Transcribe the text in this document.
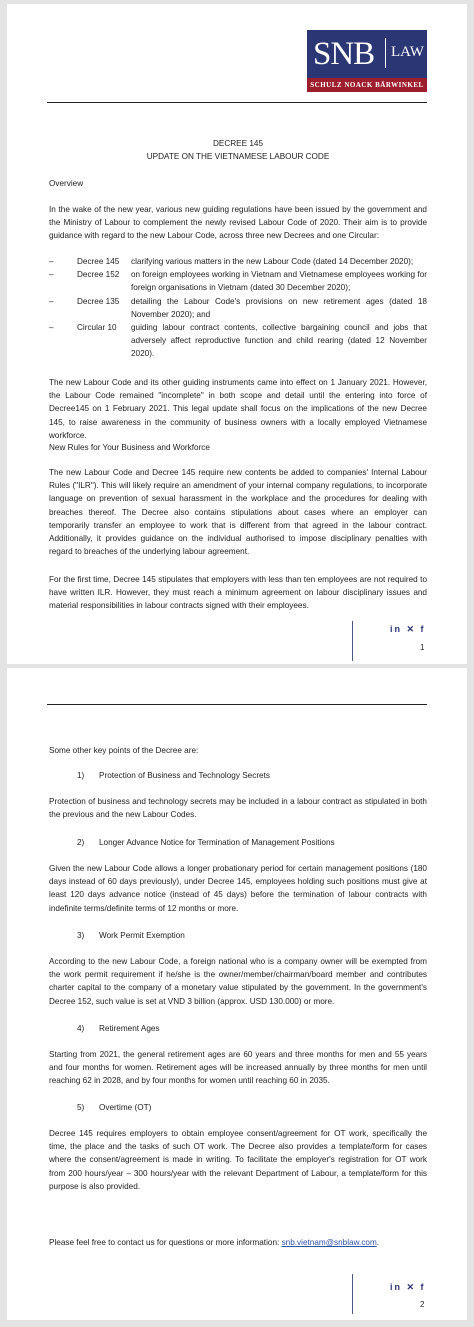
SNB LAW
SCHULZ NOACK BÄRWINKEL
DECREE 145
UPDATE ON THE VIETNAMESE LABOUR CODE
Overview
In the wake of the new year, various new guiding regulations have been issued by the government and the Ministry of Labour to complement the newly revised Labour Code of 2020. Their aim is to provide guidance with regard to the new Labour Code, across three new Decrees and one Circular:
–	Decree 145 clarifying various matters in the new Labour Code (dated 14 December 2020);
–	Decree 152 on foreign employees working in Vietnam and Vietnamese employees working for foreign organisations in Vietnam (dated 30 December 2020);
–	Decree 135 detailing the Labour Code's provisions on new retirement ages (dated 18 November 2020); and
–	Circular 10 guiding labour contract contents, collective bargaining council and jobs that adversely affect reproductive function and child rearing (dated 12 November 2020).
The new Labour Code and its other guiding instruments came into effect on 1 January 2021. However, the Labour Code remained "incomplete" in both scope and detail until the entering into force of Decree145 on 1 February 2021. This legal update shall focus on the implications of the new Decree 145, to raise awareness in the community of business owners with a locally employed Vietnamese workforce.
New Rules for Your Business and Workforce
The new Labour Code and Decree 145 require new contents be added to companies' Internal Labour Rules ("ILR"). This will likely require an amendment of your internal company regulations, to incorporate language on prevention of sexual harassment in the workplace and the procedures for dealing with breaches thereof. The Decree also contains stipulations about cases where an employer can temporarily transfer an employee to work that is different from that agreed in the labour contract. Additionally, it provides guidance on the individual authorised to impose disciplinary penalties with regard to breaches of the underlying labour agreement.
For the first time, Decree 145 stipulates that employers with less than ten employees are not required to have written ILR. However, they must reach a minimum agreement on labour disciplinary issues and material responsibilities in labour contracts signed with their employees.
in ✕ f
1
Some other key points of the Decree are:
1) Protection of Business and Technology Secrets
Protection of business and technology secrets may be included in a labour contract as stipulated in both the previous and the new Labour Codes.
2) Longer Advance Notice for Termination of Management Positions
Given the new Labour Code allows a longer probationary period for certain management positions (180 days instead of 60 days previously), under Decree 145, employees holding such positions must give at least 120 days advance notice (instead of 45 days) before the termination of labour contracts with indefinite terms/definite terms of 12 months or more.
3) Work Permit Exemption
According to the new Labour Code, a foreign national who is a company owner will be exempted from the work permit requirement if he/she is the owner/member/chairman/board member and contributes charter capital to the company of a monetary value stipulated by the government. In the government's Decree 152, such value is set at VND 3 billion (approx. USD 130.000) or more.
4) Retirement Ages
Starting from 2021, the general retirement ages are 60 years and three months for men and 55 years and four months for women. Retirement ages will be increased annually by three months for men until reaching 62 in 2028, and by four months for women until reaching 60 in 2035.
5) Overtime (OT)
Decree 145 requires employers to obtain employee consent/agreement for OT work, specifically the time, the place and the tasks of such OT work. The Decree also provides a template/form for cases where the consent/agreement is made in writing. To facilitate the employer's registration for OT work from 200 hours/year – 300 hours/year with the relevant Department of Labour, a template/form for this purpose is also provided.
Please feel free to contact us for questions or more information: snb.vietnam@snblaw.com.
in ✕ f
2
